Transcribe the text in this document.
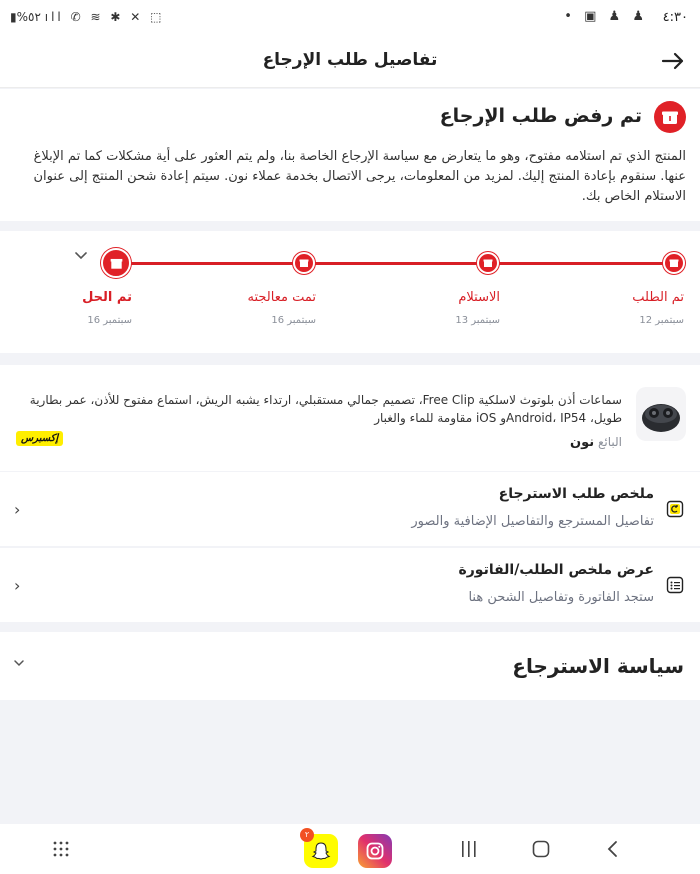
▮%٥٢ ıll ✆ ≋ ✱ ✕ ⬚	• ▣ ♟ ♟ ٤:٣٠
تفاصيل طلب الإرجاع
تم رفض طلب الإرجاع
المنتج الذي تم استلامه مفتوح، وهو ما يتعارض مع سياسة الإرجاع الخاصة بنا، ولم يتم العثور على أية مشكلات كما تم الإبلاغ عنها. سنقوم بإعادة المنتج إليك. لمزيد من المعلومات، يرجى الاتصال بخدمة عملاء نون. سيتم إعادة شحن المنتج إلى عنوان الاستلام الخاص بك.
تم الطلب
سبتمبر 12
الاستلام
سبتمبر 13
تمت معالجته
سبتمبر 16
تم الحل
سبتمبر 16
سماعات أذن بلوتوث لاسلكية Free Clip، تصميم جمالي مستقبلي، ارتداء يشبه الريش، استماع مفتوح للأذن، عمر بطارية طويل، Android، IP54و iOS مقاومة للماء والغبار
البائع نون
إكسبرس
ملخص طلب الاسترجاع
تفاصيل المسترجع والتفاصيل الإضافية والصور
‹
عرض ملخص الطلب/الفاتورة
ستجد الفاتورة وتفاصيل الشحن هنا
‹
سياسة الاسترجاع
٢
